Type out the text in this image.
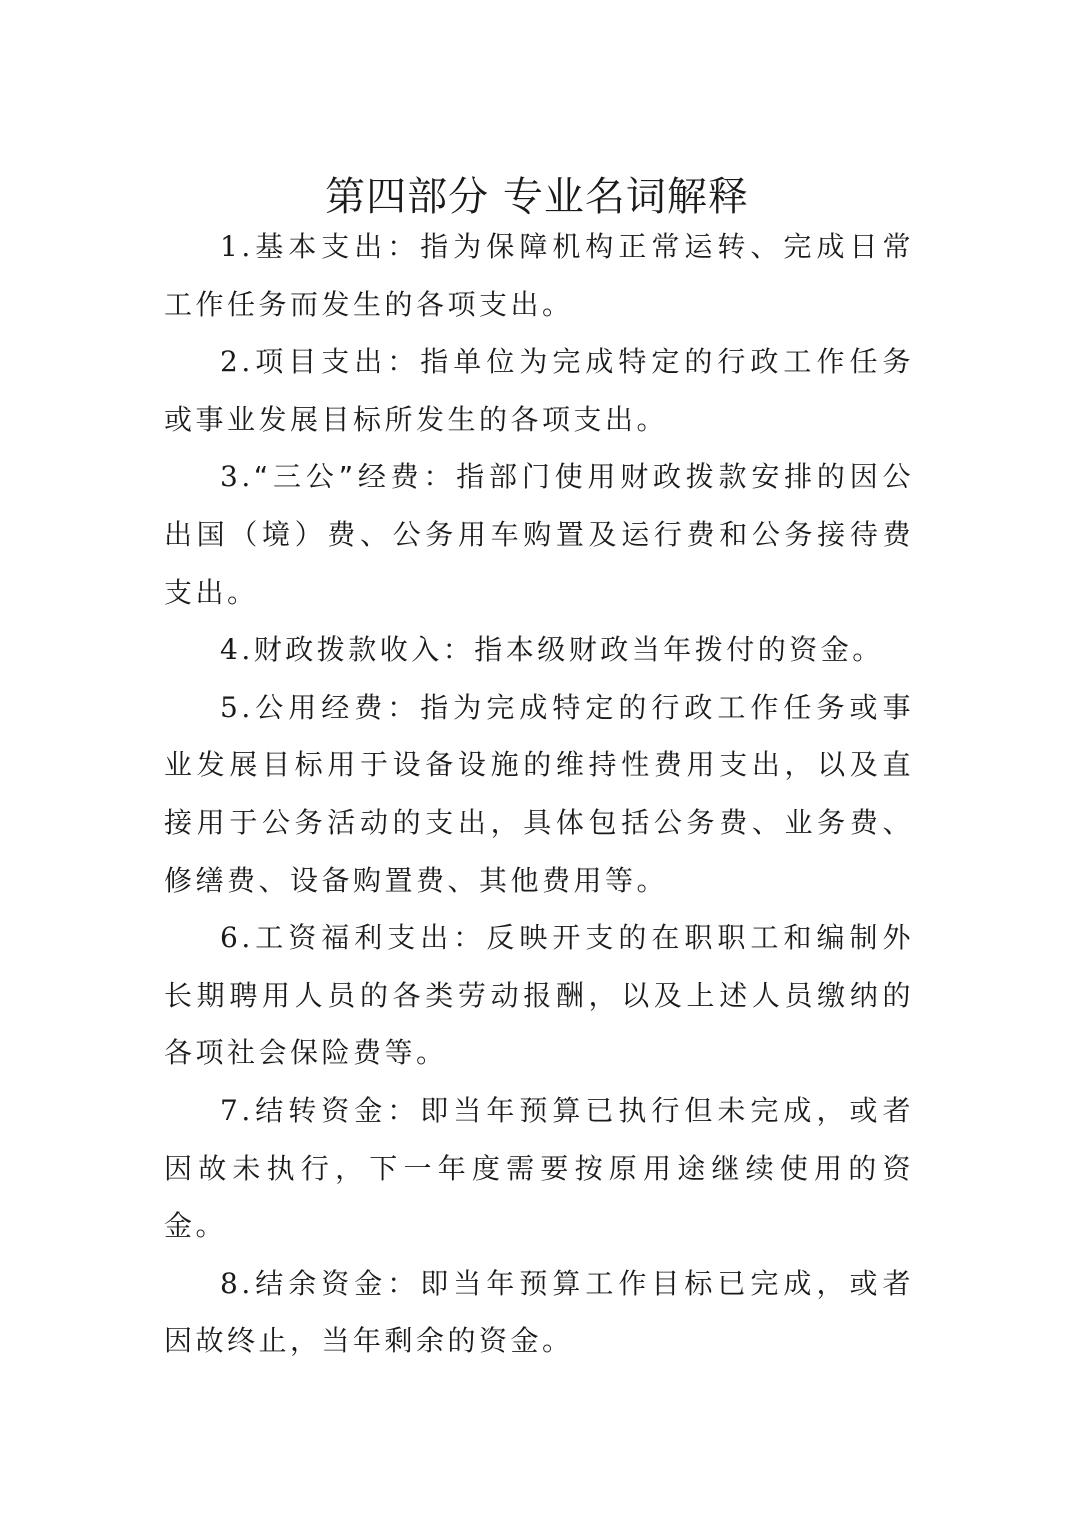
第四部分 专业名词解释

1.基本支出：指为保障机构正常运转、完成日常工作任务而发生的各项支出。

2.项目支出：指单位为完成特定的行政工作任务或事业发展目标所发生的各项支出。

3.“三公”经费：指部门使用财政拨款安排的因公出国（境）费、公务用车购置及运行费和公务接待费支出。

4.财政拨款收入：指本级财政当年拨付的资金。

5.公用经费：指为完成特定的行政工作任务或事业发展目标用于设备设施的维持性费用支出，以及直接用于公务活动的支出，具体包括公务费、业务费、修缮费、设备购置费、其他费用等。

6.工资福利支出：反映开支的在职职工和编制外长期聘用人员的各类劳动报酬，以及上述人员缴纳的各项社会保险费等。

7.结转资金：即当年预算已执行但未完成，或者因故未执行，下一年度需要按原用途继续使用的资金。

8.结余资金：即当年预算工作目标已完成，或者因故终止，当年剩余的资金。
